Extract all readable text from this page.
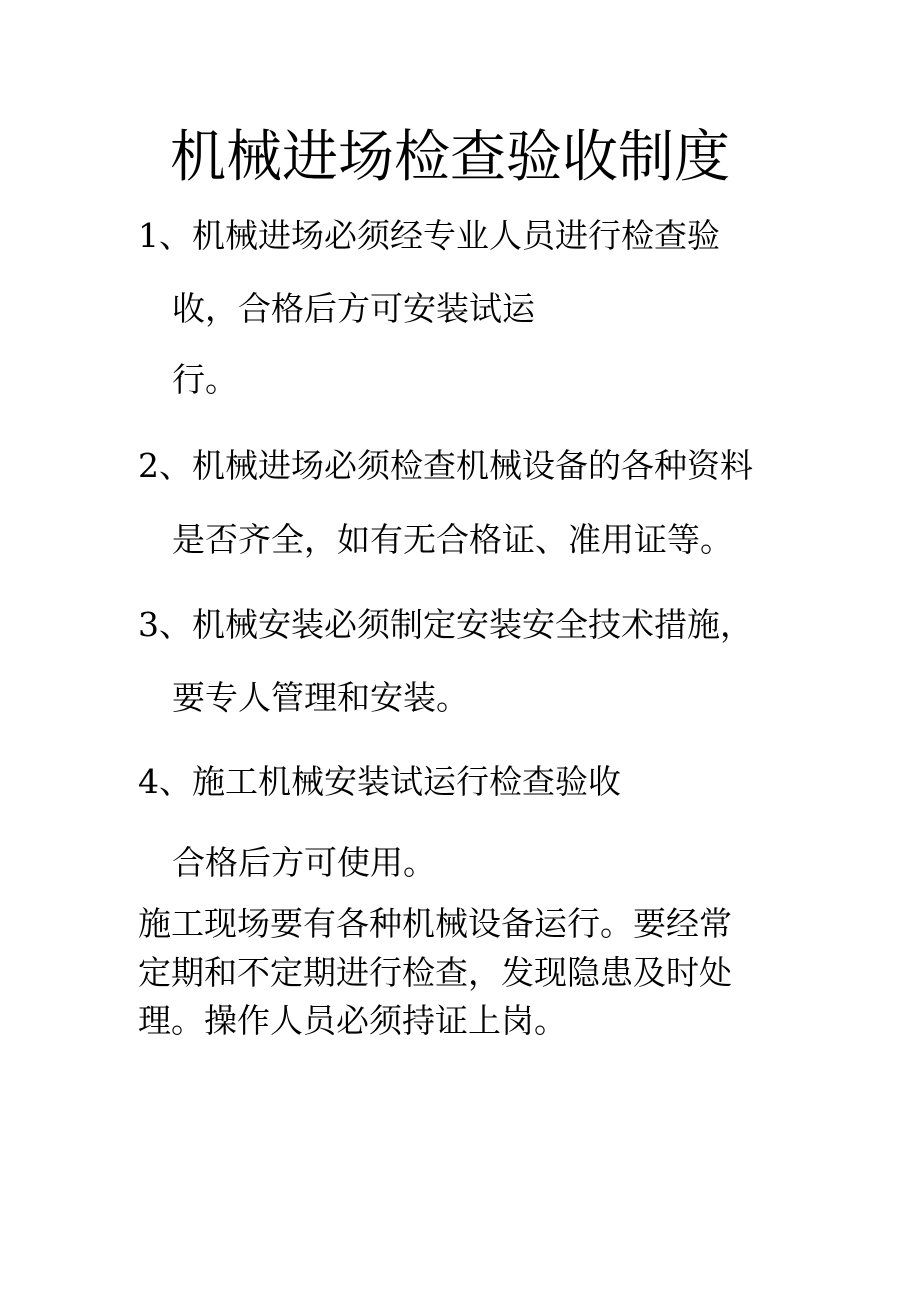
机械进场检查验收制度
1、机械进场必须经专业人员进行检查验
收，合格后方可安装试运
行。
2、机械进场必须检查机械设备的各种资料
是否齐全，如有无合格证、准用证等。
3、机械安装必须制定安装安全技术措施，
要专人管理和安装。
4、施工机械安装试运行检查验收
合格后方可使用。
施工现场要有各种机械设备运行。要经常
定期和不定期进行检查，发现隐患及时处
理。操作人员必须持证上岗。
